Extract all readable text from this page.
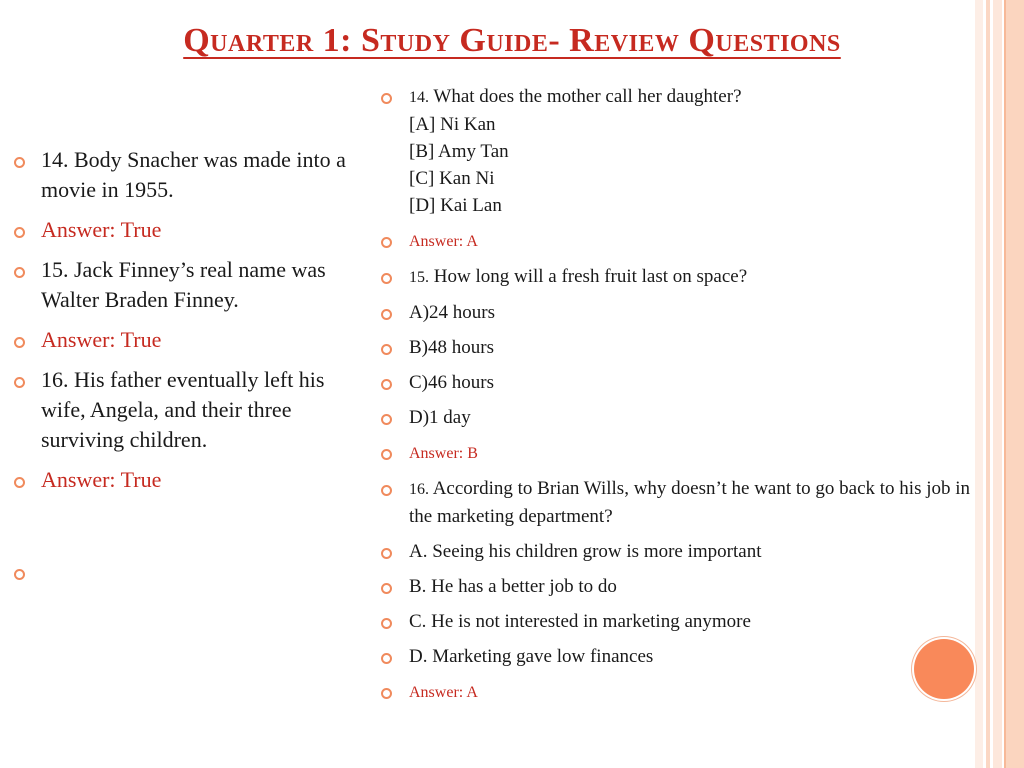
Quarter 1: Study Guide- Review Questions
14. Body Snacher was made into a movie in 1955.
Answer: True
15. Jack Finney’s real name was Walter Braden Finney.
Answer: True
16. His father eventually left his wife, Angela, and their three surviving children.
Answer: True
14. What does the mother call her daughter?
[A] Ni Kan
[B] Amy Tan
[C] Kan Ni
[D] Kai Lan
Answer: A
15. How long will a fresh fruit last on space?
A)24 hours
B)48 hours
C)46 hours
D)1 day
Answer: B
16. According to Brian Wills, why doesn’t he want to go back to his job in the marketing department?
A. Seeing his children grow is more important
B. He has a better job to do
C. He is not interested in marketing anymore
D. Marketing gave low finances
Answer: A
